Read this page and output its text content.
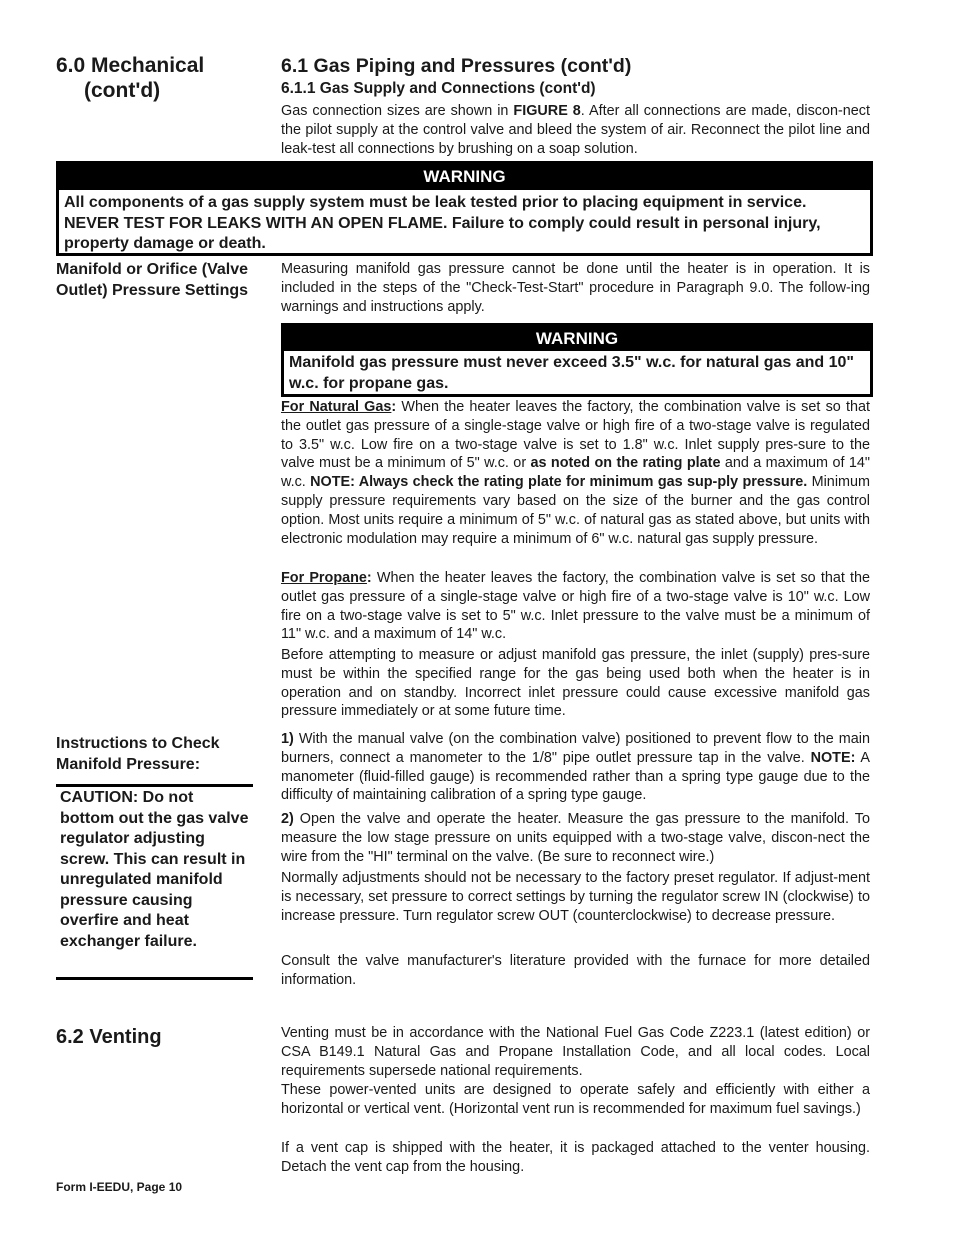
6.0 Mechanical
(cont'd)
6.1 Gas Piping and Pressures (cont'd)
6.1.1 Gas Supply and Connections (cont'd)
Gas connection sizes are shown in FIGURE 8. After all connections are made, discon-nect the pilot supply at the control valve and bleed the system of air. Reconnect the pilot line and leak-test all connections by brushing on a soap solution.
WARNING
All components of a gas supply system must be leak tested prior to placing equipment in service. NEVER TEST FOR LEAKS WITH AN OPEN FLAME. Failure to comply could result in personal injury, property damage or death.
Manifold or Orifice (Valve Outlet) Pressure Settings
Measuring manifold gas pressure cannot be done until the heater is in operation. It is included in the steps of the "Check-Test-Start" procedure in Paragraph 9.0. The follow-ing warnings and instructions apply.
WARNING
Manifold gas pressure must never exceed 3.5" w.c. for natural gas and 10" w.c. for propane gas.
For Natural Gas: When the heater leaves the factory, the combination valve is set so that the outlet gas pressure of a single-stage valve or high fire of a two-stage valve is regulated to 3.5" w.c. Low fire on a two-stage valve is set to 1.8" w.c. Inlet supply pres-sure to the valve must be a minimum of 5" w.c. or as noted on the rating plate and a maximum of 14" w.c. NOTE: Always check the rating plate for minimum gas sup-ply pressure. Minimum supply pressure requirements vary based on the size of the burner and the gas control option. Most units require a minimum of 5" w.c. of natural gas as stated above, but units with electronic modulation may require a minimum of 6" w.c. natural gas supply pressure.
For Propane: When the heater leaves the factory, the combination valve is set so that the outlet gas pressure of a single-stage valve or high fire of a two-stage valve is 10" w.c. Low fire on a two-stage valve is set to 5" w.c. Inlet pressure to the valve must be a minimum of 11" w.c. and a maximum of 14" w.c.
Before attempting to measure or adjust manifold gas pressure, the inlet (supply) pres-sure must be within the specified range for the gas being used both when the heater is in operation and on standby. Incorrect inlet pressure could cause excessive manifold gas pressure immediately or at some future time.
Instructions to Check Manifold Pressure:
CAUTION: Do not bottom out the gas valve regulator adjusting screw. This can result in unregulated manifold pressure causing overfire and heat exchanger failure.
1) With the manual valve (on the combination valve) positioned to prevent flow to the main burners, connect a manometer to the 1/8" pipe outlet pressure tap in the valve. NOTE: A manometer (fluid-filled gauge) is recommended rather than a spring type gauge due to the difficulty of maintaining calibration of a spring type gauge.
2) Open the valve and operate the heater. Measure the gas pressure to the manifold. To measure the low stage pressure on units equipped with a two-stage valve, discon-nect the wire from the "HI" terminal on the valve. (Be sure to reconnect wire.)
Normally adjustments should not be necessary to the factory preset regulator. If adjust-ment is necessary, set pressure to correct settings by turning the regulator screw IN (clockwise) to increase pressure. Turn regulator screw OUT (counterclockwise) to decrease pressure.
Consult the valve manufacturer's literature provided with the furnace for more detailed information.
6.2 Venting	Venting must be in accordance with the National Fuel Gas Code Z223.1 (latest edition) or CSA B149.1 Natural Gas and Propane Installation Code, and all local codes. Local requirements supersede national requirements.
These power-vented units are designed to operate safely and efficiently with either a horizontal or vertical vent. (Horizontal vent run is recommended for maximum fuel savings.)
If a vent cap is shipped with the heater, it is packaged attached to the venter housing. Detach the vent cap from the housing.
Form I-EEDU, Page 10
